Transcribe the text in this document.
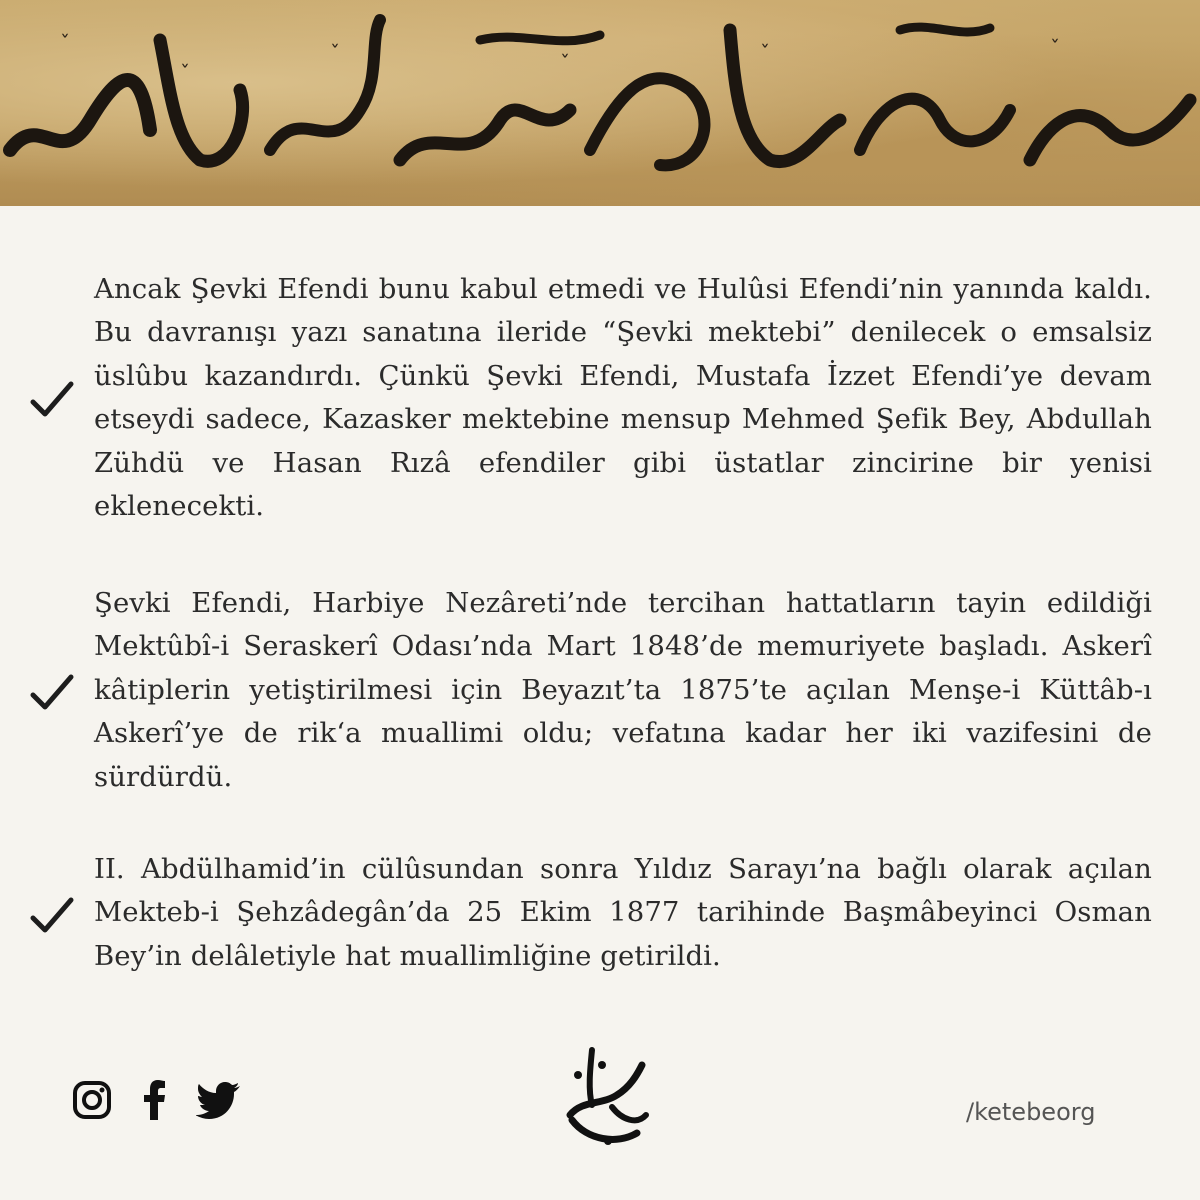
ˇ
ˇ
ˇ	ˇ	ˇ	ˇ

Ancak Şevki Efendi bunu kabul etmedi ve Hulûsi Efendi’nin yanında kaldı. Bu davranışı yazı sanatına ileride “Şevki mektebi” denilecek o emsalsiz üslûbu kazandırdı. Çünkü Şevki Efendi, Mustafa İzzet Efendi’ye devam etseydi sadece, Kazasker mektebine mensup Mehmed Şefik Bey, Abdullah Zühdü ve Hasan Rızâ efendiler gibi üstatlar zincirine bir yenisi eklenecekti.

Şevki Efendi, Harbiye Nezâreti’nde tercihan hattatların tayin edildiği Mektûbî-i Seraskerî Odası’nda Mart 1848’de memuriyete başladı. Askerî kâtiplerin yetiştirilmesi için Beyazıt’ta 1875’te açılan Menşe-i Küttâb-ı Askerî’ye de rik‘a muallimi oldu; vefatına kadar her iki vazifesini de sürdürdü.

II. Abdülhamid’in cülûsundan sonra Yıldız Sarayı’na bağlı olarak açılan Mekteb-i Şehzâdegân’da 25 Ekim 1877 tarihinde Başmâbeyinci Osman Bey’in delâletiyle hat muallimliğine getirildi.

/ketebeorg
